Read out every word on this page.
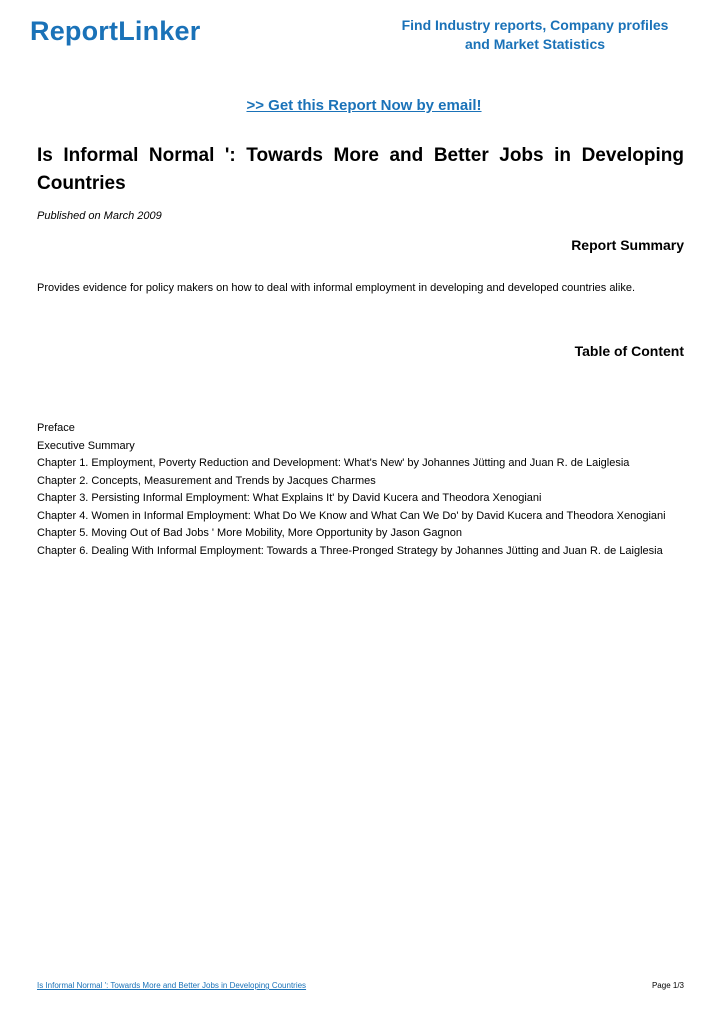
ReportLinker	Find Industry reports, Company profiles
and Market Statistics
>> Get this Report Now by email!
Is Informal Normal ': Towards More and Better Jobs in Developing Countries
Published on March 2009
Report Summary
Provides evidence for policy makers on how to deal with informal employment in developing and developed countries alike.
Table of Content
Preface
Executive Summary
Chapter 1. Employment, Poverty Reduction and Development: What's New' by Johannes Jütting and Juan R. de Laiglesia
Chapter 2. Concepts, Measurement and Trends by Jacques Charmes
Chapter 3. Persisting Informal Employment: What Explains It' by David Kucera and Theodora Xenogiani
Chapter 4. Women in Informal Employment: What Do We Know and What Can We Do' by David Kucera and Theodora Xenogiani
Chapter 5. Moving Out of Bad Jobs ' More Mobility, More Opportunity by Jason Gagnon
Chapter 6. Dealing With Informal Employment: Towards a Three-Pronged Strategy by Johannes Jütting and Juan R. de Laiglesia
Is Informal Normal ': Towards More and Better Jobs in Developing Countries	Page 1/3
